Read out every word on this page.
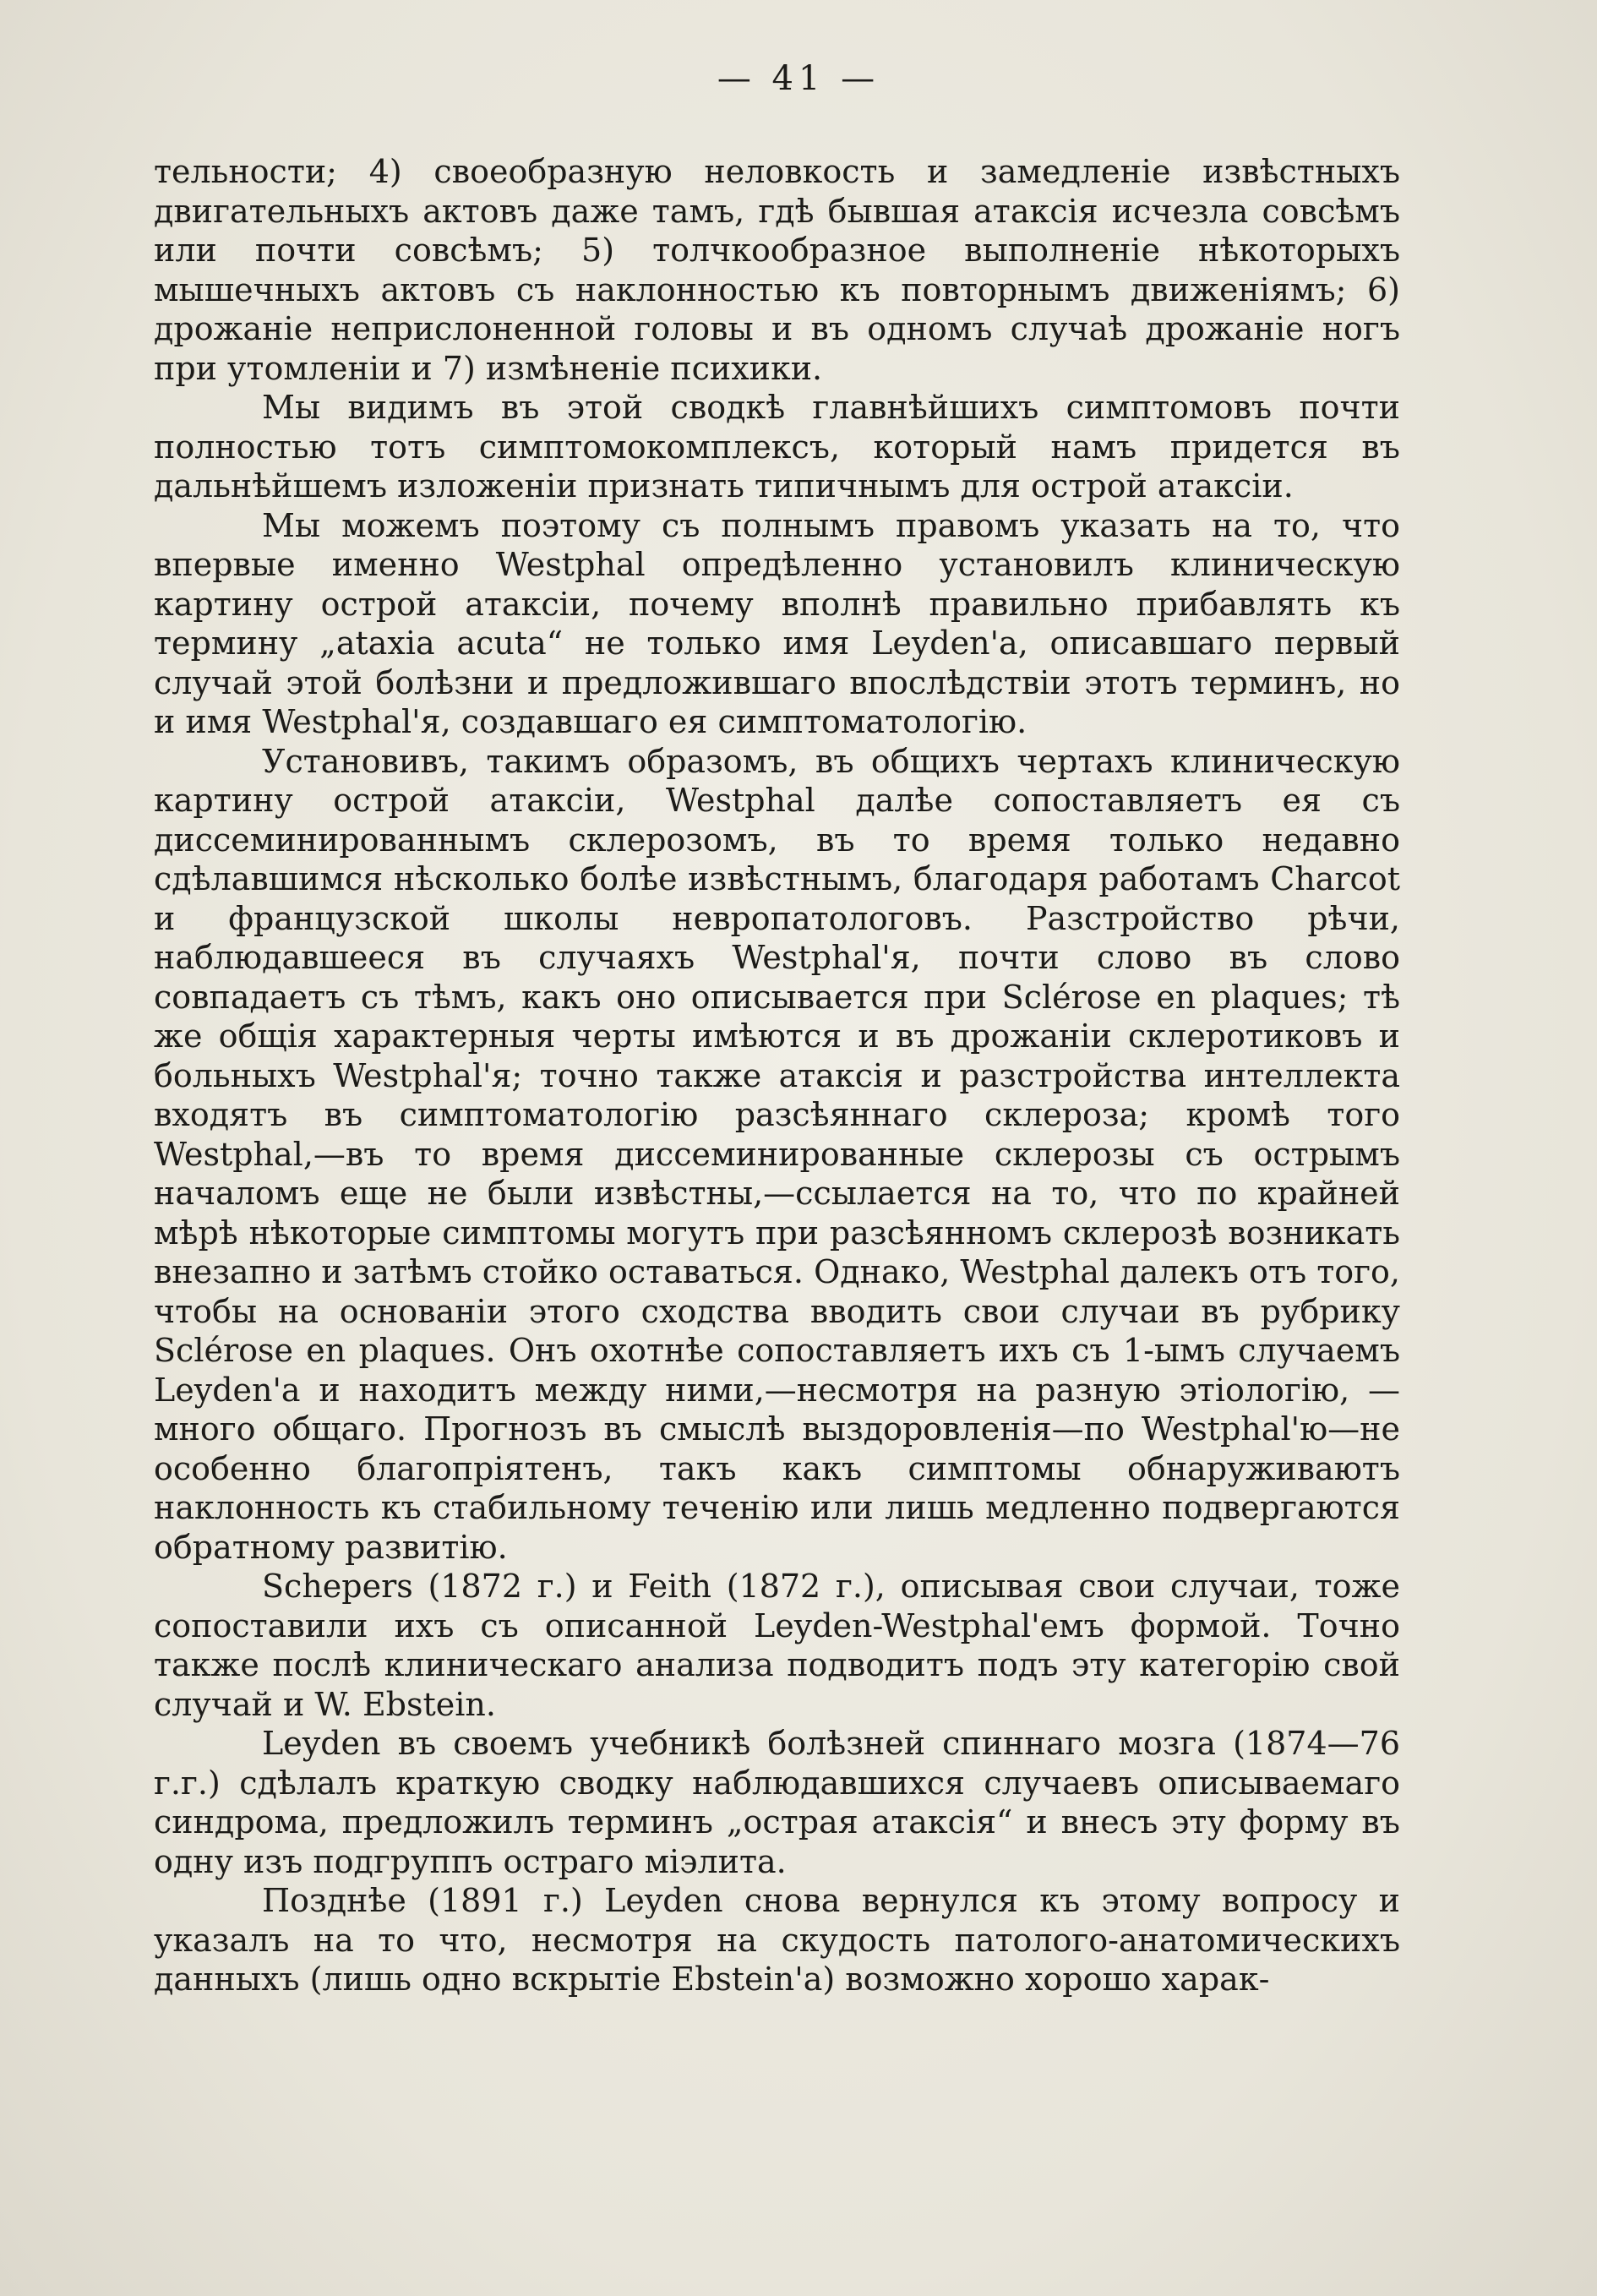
— 41 —

тельности; 4) своеобразную неловкость и замедленіе извѣстныхъ двигательныхъ актовъ даже тамъ, гдѣ бывшая атаксія исчезла совсѣмъ или почти совсѣмъ; 5) толчкообразное выполненіе нѣкоторыхъ мышечныхъ актовъ съ наклонностью къ повторнымъ движеніямъ; 6) дрожаніе неприслоненной головы и въ одномъ случаѣ дрожаніе ногъ при утомленіи и 7) измѣненіе психики.

Мы видимъ въ этой сводкѣ главнѣйшихъ симптомовъ почти полностью тотъ симптомокомплексъ, который намъ придется въ дальнѣйшемъ изложеніи признать типичнымъ для острой атаксіи.

Мы можемъ поэтому съ полнымъ правомъ указать на то, что впервые именно Westphal опредѣленно установилъ клиническую картину острой атаксіи, почему вполнѣ правильно прибавлять къ термину „ataxia acuta“ не только имя Leyden'a, описавшаго первый случай этой болѣзни и предложившаго впослѣдствіи этотъ терминъ, но и имя Westphal'я, создавшаго ея симптоматологію.

Установивъ, такимъ образомъ, въ общихъ чертахъ клиническую картину острой атаксіи, Westphal далѣе сопоставляетъ ея съ диссеминированнымъ склерозомъ, въ то время только недавно сдѣлавшимся нѣсколько болѣе извѣстнымъ, благодаря работамъ Charcot и французской школы невропатологовъ. Разстройство рѣчи, наблюдавшееся въ случаяхъ Westphal'я, почти слово въ слово совпадаетъ съ тѣмъ, какъ оно описывается при Sclérose en plaques; тѣ же общія характерныя черты имѣются и въ дрожаніи склеротиковъ и больныхъ Westphal'я; точно также атаксія и разстройства интеллекта входятъ въ симптоматологію разсѣяннаго склероза; кромѣ того Westphal,—въ то время диссеминированные склерозы съ острымъ началомъ еще не были извѣстны,—ссылается на то, что по крайней мѣрѣ нѣкоторые симптомы могутъ при разсѣянномъ склерозѣ возникать внезапно и затѣмъ стойко оставаться. Однако, Westphal далекъ отъ того, чтобы на основаніи этого сходства вводить свои случаи въ рубрику Sclérose en plaques. Онъ охотнѣе сопоставляетъ ихъ съ 1-ымъ случаемъ Leyden'a и находитъ между ними,—несмотря на разную этіологію, —много общаго. Прогнозъ въ смыслѣ выздоровленія—по Westphal'ю—не особенно благопріятенъ, такъ какъ симптомы обнаруживаютъ наклонность къ стабильному теченію или лишь медленно подвергаются обратному развитію.

Schepers (1872 г.) и Feith (1872 г.), описывая свои случаи, тоже сопоставили ихъ съ описанной Leyden-Westphal'емъ формой. Точно также послѣ клиническаго анализа подводитъ подъ эту категорію свой случай и W. Ebstein.

Leyden въ своемъ учебникѣ болѣзней спиннаго мозга (1874—76 г.г.) сдѣлалъ краткую сводку наблюдавшихся случаевъ описываемаго синдрома, предложилъ терминъ „острая атаксія“ и внесъ эту форму въ одну изъ подгруппъ остраго міэлита.

Позднѣе (1891 г.) Leyden снова вернулся къ этому вопросу и указалъ на то что, несмотря на скудость патолого-анатомическихъ данныхъ (лишь одно вскрытіе Ebstein'a) возможно хорошо харак-
